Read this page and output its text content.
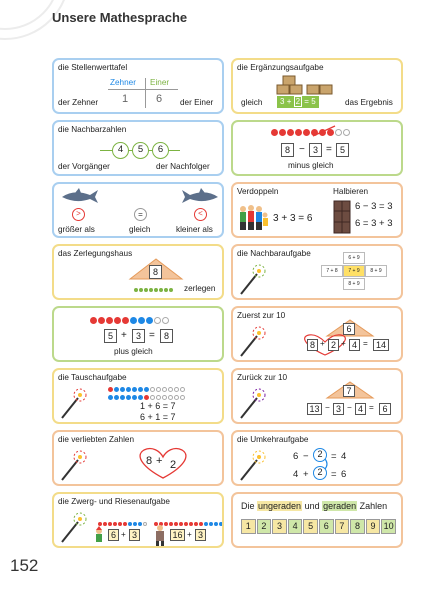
Unsere Mathesprache
die Stellenwerttafel
Zehner Einer
1	6
der Zehner	der Einer
die Ergänzungsaufgabe
3 + 2 = 5
gleich	das Ergebnis
die Nachbarzahlen
4	5	6
der Vorgänger	der Nachfolger
8 − 3 = 5
minus gleich
>	=	<
größer als	gleich	kleiner als
Verdoppeln	Halbieren
3 + 3 = 6
6 − 3 = 3
6 = 3 + 3
das Zerlegungshaus
8
zerlegen
die Nachbaraufgabe	6 + 9
7 + 8	7 + 9	8 + 9
8 + 9
5 +	3 =	8
plus gleich
Zuerst zur 10
6
8 + 2 + 4 = 14
die Tauschaufgabe
1 + 6 = 7
6 + 1 = 7
Zurück zur 10
7
13 − 3 − 4 = 6
die verliebten Zahlen
8 + 2
die Umkehraufgabe
6 − 2 = 4
4 + 2 = 6
die Zwerg- und Riesenaufgabe
6 + 3	16 + 3
Die ungeraden und geraden Zahlen
1	2	3	4	5	6	7	8	9 10
152
